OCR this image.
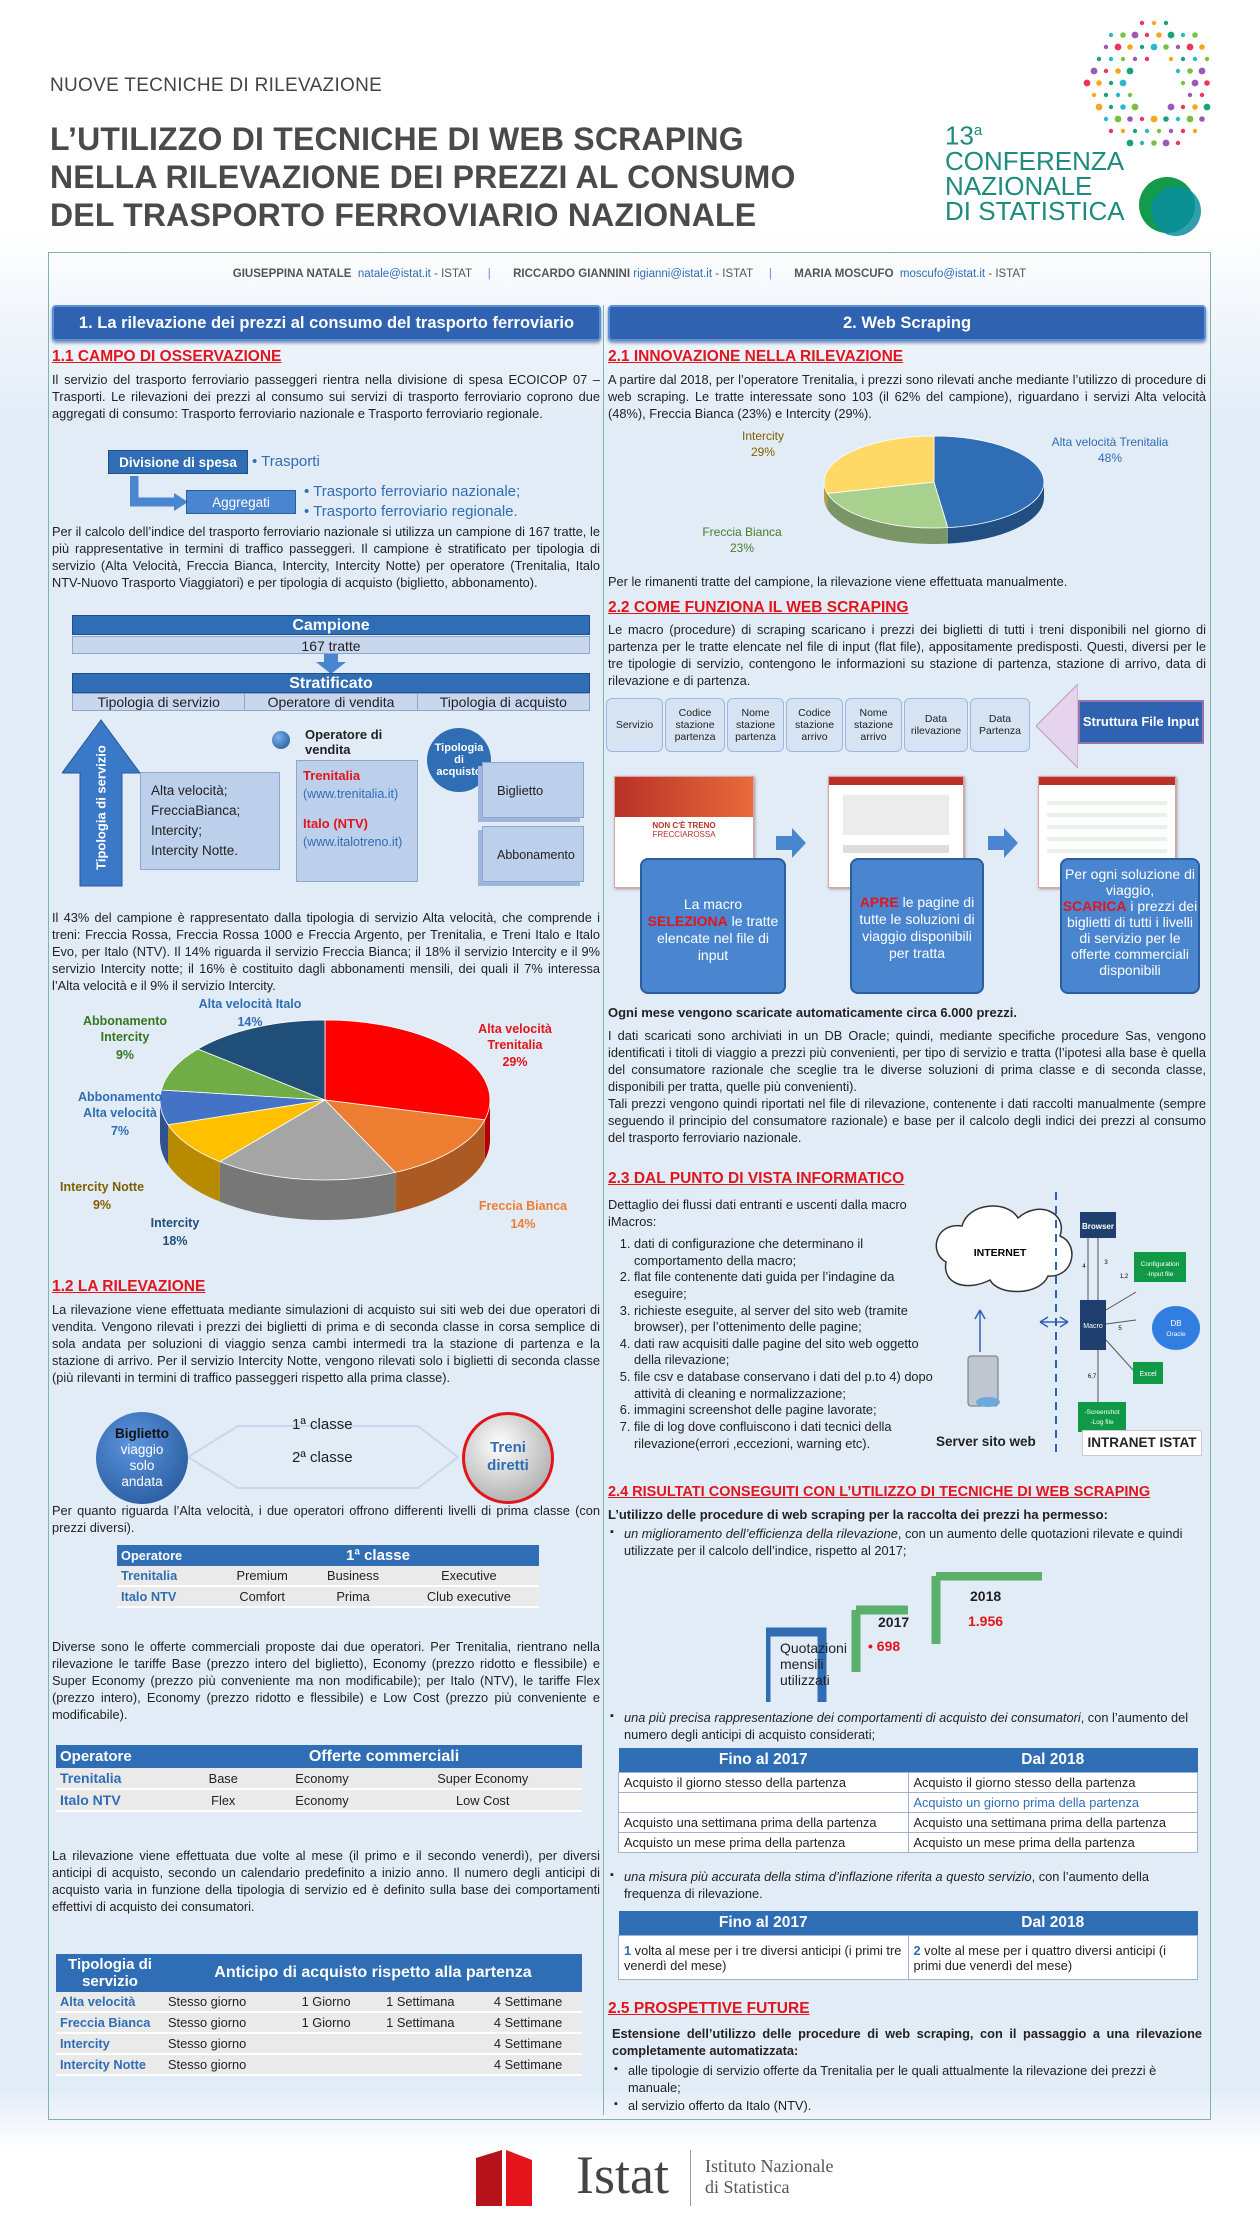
NUOVE TECNICHE DI RILEVAZIONE
L’UTILIZZO DI TECNICHE DI WEB SCRAPING
NELLA RILEVAZIONE DEI PREZZI AL CONSUMO
DEL TRASPORTO FERROVIARIO NAZIONALE
13$^a$
CONFERENZA
NAZIONALE
DI STATISTICA
GIUSEPPINA NATALE natale@istat.it - ISTAT | RICCARDO GIANNINI rigianni@istat.it - ISTAT | MARIA MOSCUFO moscufo@istat.it - ISTAT
1. La rilevazione dei prezzi al consumo del trasporto ferroviario
1.1 CAMPO DI OSSERVAZIONE

Il servizio del trasporto ferroviario passeggeri rientra nella divisione di spesa ECOICOP 07 – Trasporti. Le rilevazioni dei prezzi al consumo sui servizi di trasporto ferroviario coprono due aggregati di consumo: Trasporto ferroviario nazionale e Trasporto ferroviario regionale.

Divisione di spesa	• Trasporti
Aggregati
• Trasporto ferroviario nazionale;
• Trasporto ferroviario regionale.

Per il calcolo dell’indice del trasporto ferroviario nazionale si utilizza un campione di 167 tratte, le più rappresentative in termini di traffico passeggeri. Il campione è stratificato per tipologia di servizio (Alta Velocità, Freccia Bianca, Intercity, Intercity Notte) per operatore (Trenitalia, Italo NTV-Nuovo Trasporto Viaggiatori) e per tipologia di acquisto (biglietto, abbonamento).

Campione
167 tratte
Stratificato
Tipologia di servizio	Operatore di vendita	Tipologia di acquisto
Tipologia di servizio	Alta velocità;
FrecciaBianca;
Intercity;
Intercity Notte.
Operatore di vendita
Trenitalia
(www.trenitalia.it)
Italo (NTV)
(www.italotreno.it)
Tipologia di acquisto
Biglietto
Abbonamento

Il 43% del campione è rappresentato dalla tipologia di servizio Alta velocità, che comprende i treni: Freccia Rossa, Freccia Rossa 1000 e Freccia Argento, per Trenitalia, e Treni Italo e Italo Evo, per Italo (NTV). Il 14% riguarda il servizio Freccia Bianca; il 18% il servizio Intercity e il 9% servizio Intercity notte; il 16% è costituito dagli abbonamenti mensili, dei quali il 7% interessa l’Alta velocità e il 9% il servizio Intercity.

Alta velocità
Trenitalia
29%
Freccia Bianca
14%
Intercity
18%
Intercity Notte
9%
Abbonamento
Alta velocità
7%
Abbonamento
Intercity
9%
Alta velocità Italo
14%
1.2 LA RILEVAZIONE

La rilevazione viene effettuata mediante simulazioni di acquisto sui siti web dei due operatori di vendita. Vengono rilevati i prezzi dei biglietti di prima e di seconda classe in corsa semplice di sola andata per soluzioni di viaggio senza cambi intermedi tra la stazione di partenza e la stazione di arrivo. Per il servizio Intercity Notte, vengono rilevati solo i biglietti di seconda classe (più rilevanti in termini di traffico passeggeri rispetto alla prima classe).

Biglietto
viaggio
solo
andata
1ª classe
2ª classe
Treni
diretti

Per quanto riguarda l’Alta velocità, i due operatori offrono differenti livelli di prima classe (con prezzi diversi).

Operatore	1ª classe		
Trenitalia	Premium	Business	Executive
Italo NTV	Comfort	Prima	Club executive

Diverse sono le offerte commerciali proposte dai due operatori. Per Trenitalia, rientrano nella rilevazione le tariffe Base (prezzo intero del biglietto), Economy (prezzo ridotto e flessibile) e Super Economy (prezzo più conveniente ma non modificabile); per Italo (NTV), le tariffe Flex (prezzo intero), Economy (prezzo ridotto e flessibile) e Low Cost (prezzo più conveniente e modificabile).

Operatore	Offerte commerciali		
Trenitalia	Base	Economy	Super Economy
Italo NTV	Flex	Economy	Low Cost

La rilevazione viene effettuata due volte al mese (il primo e il secondo venerdì), per diversi anticipi di acquisto, secondo un calendario predefinito a inizio anno. Il numero degli anticipi di acquisto varia in funzione della tipologia di servizio ed è definito sulla base dei comportamenti effettivi di acquisto dei consumatori.

Tipologia di servizio	Anticipo di acquisto rispetto alla partenza			
Alta velocità	Stesso giorno	1 Giorno	1 Settimana	4 Settimane
Freccia Bianca	Stesso giorno	1 Giorno	1 Settimana	4 Settimane
Intercity	Stesso giorno			4 Settimane
Intercity Notte	Stesso giorno			4 Settimane
2. Web Scraping
2.1 INNOVAZIONE NELLA RILEVAZIONE

A partire dal 2018, per l’operatore Trenitalia, i prezzi sono rilevati anche mediante l’utilizzo di procedure di web scraping. Le tratte interessate sono 103 (il 62% del campione), riguardano i servizi Alta velocità (48%), Freccia Bianca (23%) e Intercity (29%).

Alta velocità Trenitalia
48%
Freccia Bianca
23%
Intercity
29%

Per le rimanenti tratte del campione, la rilevazione viene effettuata manualmente.

2.2 COME FUNZIONA IL WEB SCRAPING

Le macro (procedure) di scraping scaricano i prezzi dei biglietti di tutti i treni disponibili nel giorno di partenza per le tratte elencate nel file di input (flat file), appositamente predisposti. Questi, diversi per le tre tipologie di servizio, contengono le informazioni su stazione di partenza, stazione di arrivo, data di rilevazione e di partenza.

Servizio
Codice stazione partenza
Nome stazione partenza
Codice stazione arrivo
Nome stazione arrivo
Data rilevazione
Data Partenza
Struttura File Input
NON C'È TRENO
FRECCIAROSSA
La macro
SELEZIONA le tratte elencate nel file di input
APRE le pagine di tutte le soluzioni di viaggio disponibili per tratta
Per ogni soluzione di viaggio,
SCARICA i prezzi dei biglietti di tutti i livelli di servizio per le offerte commerciali disponibili
Ogni mese vengono scaricate automaticamente circa 6.000 prezzi.

I dati scaricati sono archiviati in un DB Oracle; quindi, mediante specifiche procedure Sas, vengono identificati i titoli di viaggio a prezzi più convenienti, per tipo di servizio e tratta (l’ipotesi alla base è quella del consumatore razionale che sceglie tra le diverse soluzioni di prima classe e di seconda classe, disponibili per tratta, quelle più convenienti).

Tali prezzi vengono quindi riportati nel file di rilevazione, contenente i dati raccolti manualmente (sempre seguendo il principio del consumatore razionale) e base per il calcolo degli indici dei prezzi al consumo del trasporto ferroviario nazionale.

2.3 DAL PUNTO DI VISTA INFORMATICO

Dettaglio dei flussi dati entranti e uscenti dalla macro iMacros:

1. dati di configurazione che determinano il comportamento della macro;
2. flat file contenente dati guida per l’indagine da eseguire;
3. richieste eseguite, al server del sito web (tramite browser), per l’ottenimento delle pagine;
4. dati raw acquisiti dalle pagine del sito web oggetto della rilevazione;
5. file csv e database conservano i dati del p.to 4) dopo attività di cleaning e normalizzazione;
6. immagini screenshot delle pagine lavorate;
7. file di log dove confluiscono i dati tecnici della rilevazione(errori ,eccezioni, warning etc).
INTERNET
Browser
Macro
Configuration
-Input file
DB
Oracle
Excel
-Screenshot
-Log file
3
1,2
4
5
6,7
Server sito web	INTRANET ISTAT
2.4 RISULTATI CONSEGUITI CON L’UTILIZZO DI TECNICHE DI WEB SCRAPING
L’utilizzo delle procedure di web scraping per la raccolta dei prezzi ha permesso:
▪ un miglioramento dell’efficienza della rilevazione, con un aumento delle quotazioni rilevate e quindi utilizzate per il calcolo dell’indice, rispetto al 2017;
Quotazioni
mensili
utilizzati
2017
• 698
2018
1.956
▪ una più precisa rappresentazione dei comportamenti di acquisto dei consumatori, con l’aumento del numero degli anticipi di acquisto considerati;
Fino al 2017	Dal 2018
Acquisto il giorno stesso della partenza	Acquisto il giorno stesso della partenza
	Acquisto un giorno prima della partenza
Acquisto una settimana prima della partenza	Acquisto una settimana prima della partenza
Acquisto un mese prima della partenza	Acquisto un mese prima della partenza
▪ una misura più accurata della stima d’inflazione riferita a questo servizio, con l’aumento della frequenza di rilevazione.
Fino al 2017	Dal 2018
1 volta al mese per i tre diversi anticipi (i primi tre venerdì del mese)	2 volte al mese per i quattro diversi anticipi (i primi due venerdì del mese)
2.5 PROSPETTIVE FUTURE

Estensione dell’utilizzo delle procedure di web scraping, con il passaggio a una rilevazione completamente automatizzata:

▪ alle tipologie di servizio offerte da Trenitalia per le quali attualmente la rilevazione dei prezzi è manuale;
▪ al servizio offerto da Italo (NTV).
Istat Istituto Nazionale
di Statistica
